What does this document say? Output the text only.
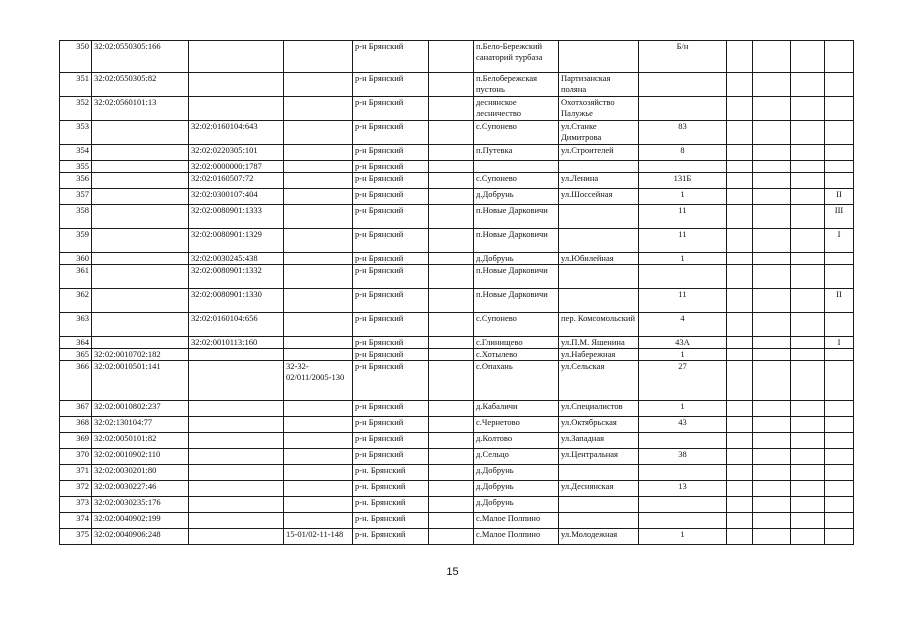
350	32:02:0550305:166			р-н Брянский		п.Бело-Бережский санаторий турбаза		Б/н				
351	32:02:0550305:82			р-н Брянский		п.Белобережская пустонь	Партизанская поляна					
352	32:02:0560101:13			р-н Брянский		деснянское лесничество	Охотхозяйство Палужье					
353		32:02:0160104:643		р-н Брянский		с.Супонево	ул.Станке Димитрова	83				
354		32:02:0220305:101		р-н Брянский		п.Путевка	ул.Строителей	8				
355		32:02:0000000:1787		р-н Брянский								
356		32:02:0160507:72		р-н Брянский		с.Супонево	ул.Ленина	131Б				
357		32:02:0300107:404		р-н Брянский		д.Добрунь	ул.Шоссейная	1				II
358		32:02:0080901:1333		р-н Брянский		п.Новые Дарковичи		11				III
359		32:02:0080901:1329		р-н Брянский		п.Новые Дарковичи		11				I
360		32:02:0030245:438		р-н Брянский		д.Добрунь	ул.Юбилейная	1				
361		32:02:0080901:1332		р-н Брянский		п.Новые Дарковичи						
362		32:02:0080901:1330		р-н Брянский		п.Новые Дарковичи		11				II
363		32:02:0160104:656		р-н Брянский		с.Супонево	пер. Комсомольский	4				
364		32:02:0010113:160		р-н Брянский		с.Глинищево	ул.П.М. Яшенина	43А				I
365	32:02:0010702:182			р-н Брянский		с.Хотылево	ул.Набережная	1				
366	32:02:0010501:141		32-32-02/011/2005-130	р-н Брянский		с.Опахань	ул.Сельская	27				
367	32:02:0010802:237			р-н Брянский		д.Кабаличи	ул.Специалистов	1				
368	32:02:130104:77			р-н Брянский		с.Чернетово	ул.Октябрьская	43				
369	32:02:0050101:82			р-н Брянский		д.Колтово	ул.Западная					
370	32:02:0010902:110			р-н Брянский		д.Сельцо	ул.Центральная	38				
371	32:02:0030201:80			р-н. Брянский		д.Добрунь						
372	32:02:0030227:46			р-н. Брянский		д.Добрунь	ул.Деснянская	13				
373	32:02:0030235:176			р-н. Брянский		д.Добрунь						
374	32:02:0040902:199			р-н. Брянский		с.Малое Полпино						
375	32:02:0040906:248		15-01/02-11-148	р-н. Брянский		с.Малое Полпино	ул.Молодежная	1				
15
